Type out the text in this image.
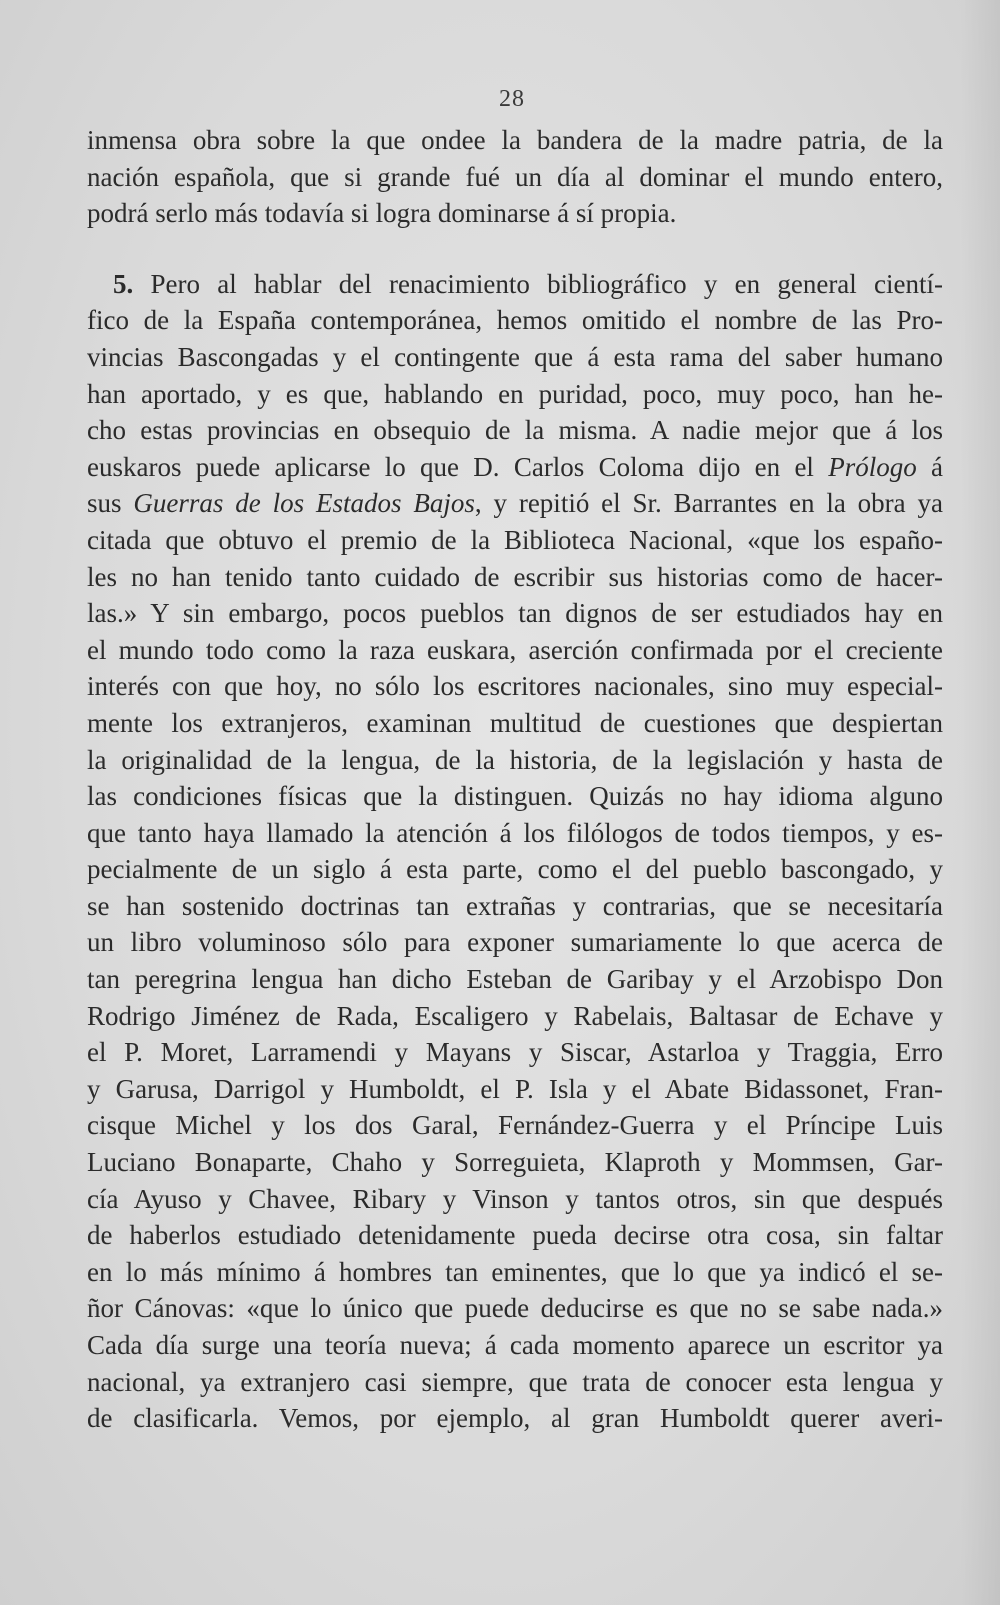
28
inmensa obra sobre la que ondee la bandera de la madre patria, de la
nación española, que si grande fué un día al dominar el mundo entero,
podrá serlo más todavía si logra dominarse á sí propia.
5. Pero al hablar del renacimiento bibliográfico y en general cientí-
fico de la España contemporánea, hemos omitido el nombre de las Pro-
vincias Bascongadas y el contingente que á esta rama del saber humano
han aportado, y es que, hablando en puridad, poco, muy poco, han he-
cho estas provincias en obsequio de la misma. A nadie mejor que á los
euskaros puede aplicarse lo que D. Carlos Coloma dijo en el Prólogo á
sus Guerras de los Estados Bajos, y repitió el Sr. Barrantes en la obra ya
citada que obtuvo el premio de la Biblioteca Nacional, «que los españo-
les no han tenido tanto cuidado de escribir sus historias como de hacer-
las.» Y sin embargo, pocos pueblos tan dignos de ser estudiados hay en
el mundo todo como la raza euskara, aserción confirmada por el creciente
interés con que hoy, no sólo los escritores nacionales, sino muy especial-
mente los extranjeros, examinan multitud de cuestiones que despiertan
la originalidad de la lengua, de la historia, de la legislación y hasta de
las condiciones físicas que la distinguen. Quizás no hay idioma alguno
que tanto haya llamado la atención á los filólogos de todos tiempos, y es-
pecialmente de un siglo á esta parte, como el del pueblo bascongado, y
se han sostenido doctrinas tan extrañas y contrarias, que se necesitaría
un libro voluminoso sólo para exponer sumariamente lo que acerca de
tan peregrina lengua han dicho Esteban de Garibay y el Arzobispo Don
Rodrigo Jiménez de Rada, Escaligero y Rabelais, Baltasar de Echave y
el P. Moret, Larramendi y Mayans y Siscar, Astarloa y Traggia, Erro
y Garusa, Darrigol y Humboldt, el P. Isla y el Abate Bidassonet, Fran-
cisque Michel y los dos Garal, Fernández-Guerra y el Príncipe Luis
Luciano Bonaparte, Chaho y Sorreguieta, Klaproth y Mommsen, Gar-
cía Ayuso y Chavee, Ribary y Vinson y tantos otros, sin que después
de haberlos estudiado detenidamente pueda decirse otra cosa, sin faltar
en lo más mínimo á hombres tan eminentes, que lo que ya indicó el se-
ñor Cánovas: «que lo único que puede deducirse es que no se sabe nada.»
Cada día surge una teoría nueva; á cada momento aparece un escritor ya
nacional, ya extranjero casi siempre, que trata de conocer esta lengua y
de clasificarla. Vemos, por ejemplo, al gran Humboldt querer averi-
